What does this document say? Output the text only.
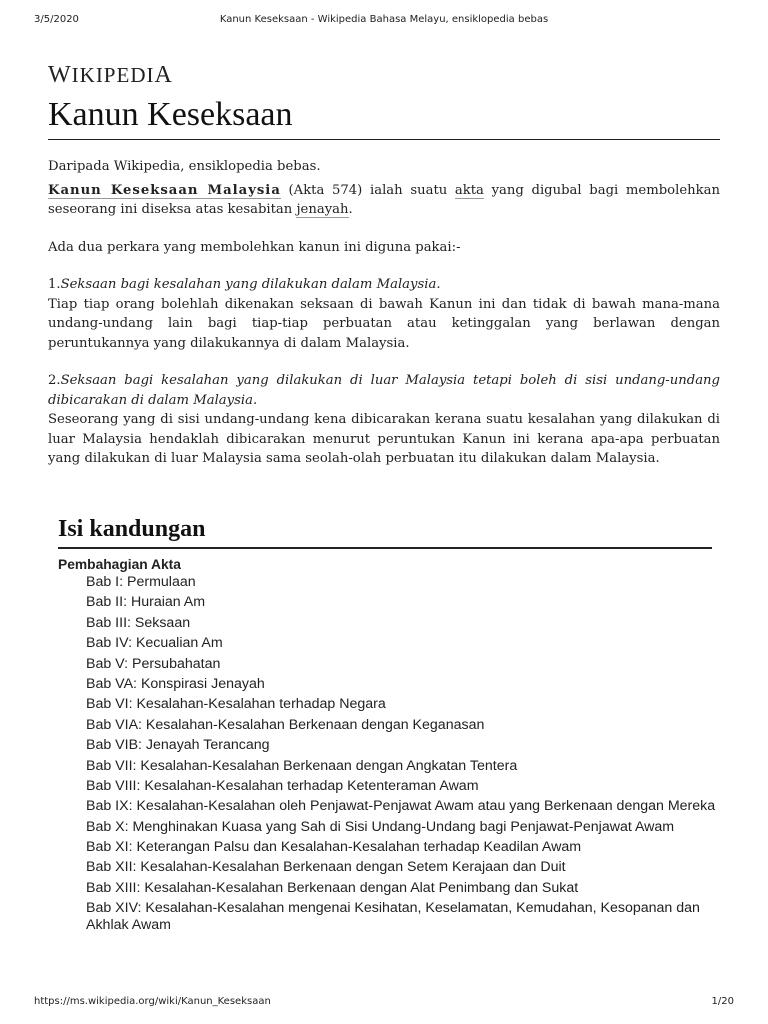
3/5/2020	Kanun Keseksaan - Wikipedia Bahasa Melayu, ensiklopedia bebas
WIKIPEDIA
Kanun Keseksaan

Daripada Wikipedia, ensiklopedia bebas.

Kanun Keseksaan Malaysia (Akta 574) ialah suatu akta yang digubal bagi membolehkan seseorang ini diseksa atas kesabitan jenayah.

Ada dua perkara yang membolehkan kanun ini diguna pakai:-

1.Seksaan bagi kesalahan yang dilakukan dalam Malaysia.

Tiap tiap orang bolehlah dikenakan seksaan di bawah Kanun ini dan tidak di bawah mana-mana undang-undang lain bagi tiap-tiap perbuatan atau ketinggalan yang berlawan dengan peruntukannya yang dilakukannya di dalam Malaysia.

2.Seksaan bagi kesalahan yang dilakukan di luar Malaysia tetapi boleh di sisi undang-undang dibicarakan di dalam Malaysia.

Seseorang yang di sisi undang-undang kena dibicarakan kerana suatu kesalahan yang dilakukan di luar Malaysia hendaklah dibicarakan menurut peruntukan Kanun ini kerana apa-apa perbuatan yang dilakukan di luar Malaysia sama seolah-olah perbuatan itu dilakukan dalam Malaysia.

Isi kandungan
Pembahagian Akta
Bab I: Permulaan
Bab II: Huraian Am
Bab III: Seksaan
Bab IV: Kecualian Am
Bab V: Persubahatan
Bab VA: Konspirasi Jenayah
Bab VI: Kesalahan-Kesalahan terhadap Negara
Bab VIA: Kesalahan-Kesalahan Berkenaan dengan Keganasan
Bab VIB: Jenayah Terancang
Bab VII: Kesalahan-Kesalahan Berkenaan dengan Angkatan Tentera
Bab VIII: Kesalahan-Kesalahan terhadap Ketenteraman Awam
Bab IX: Kesalahan-Kesalahan oleh Penjawat-Penjawat Awam atau yang Berkenaan dengan Mereka
Bab X: Menghinakan Kuasa yang Sah di Sisi Undang-Undang bagi Penjawat-Penjawat Awam
Bab XI: Keterangan Palsu dan Kesalahan-Kesalahan terhadap Keadilan Awam
Bab XII: Kesalahan-Kesalahan Berkenaan dengan Setem Kerajaan dan Duit
Bab XIII: Kesalahan-Kesalahan Berkenaan dengan Alat Penimbang dan Sukat
Bab XIV: Kesalahan-Kesalahan mengenai Kesihatan, Keselamatan, Kemudahan, Kesopanan dan Akhlak Awam
https://ms.wikipedia.org/wiki/Kanun_Keseksaan	1/20
